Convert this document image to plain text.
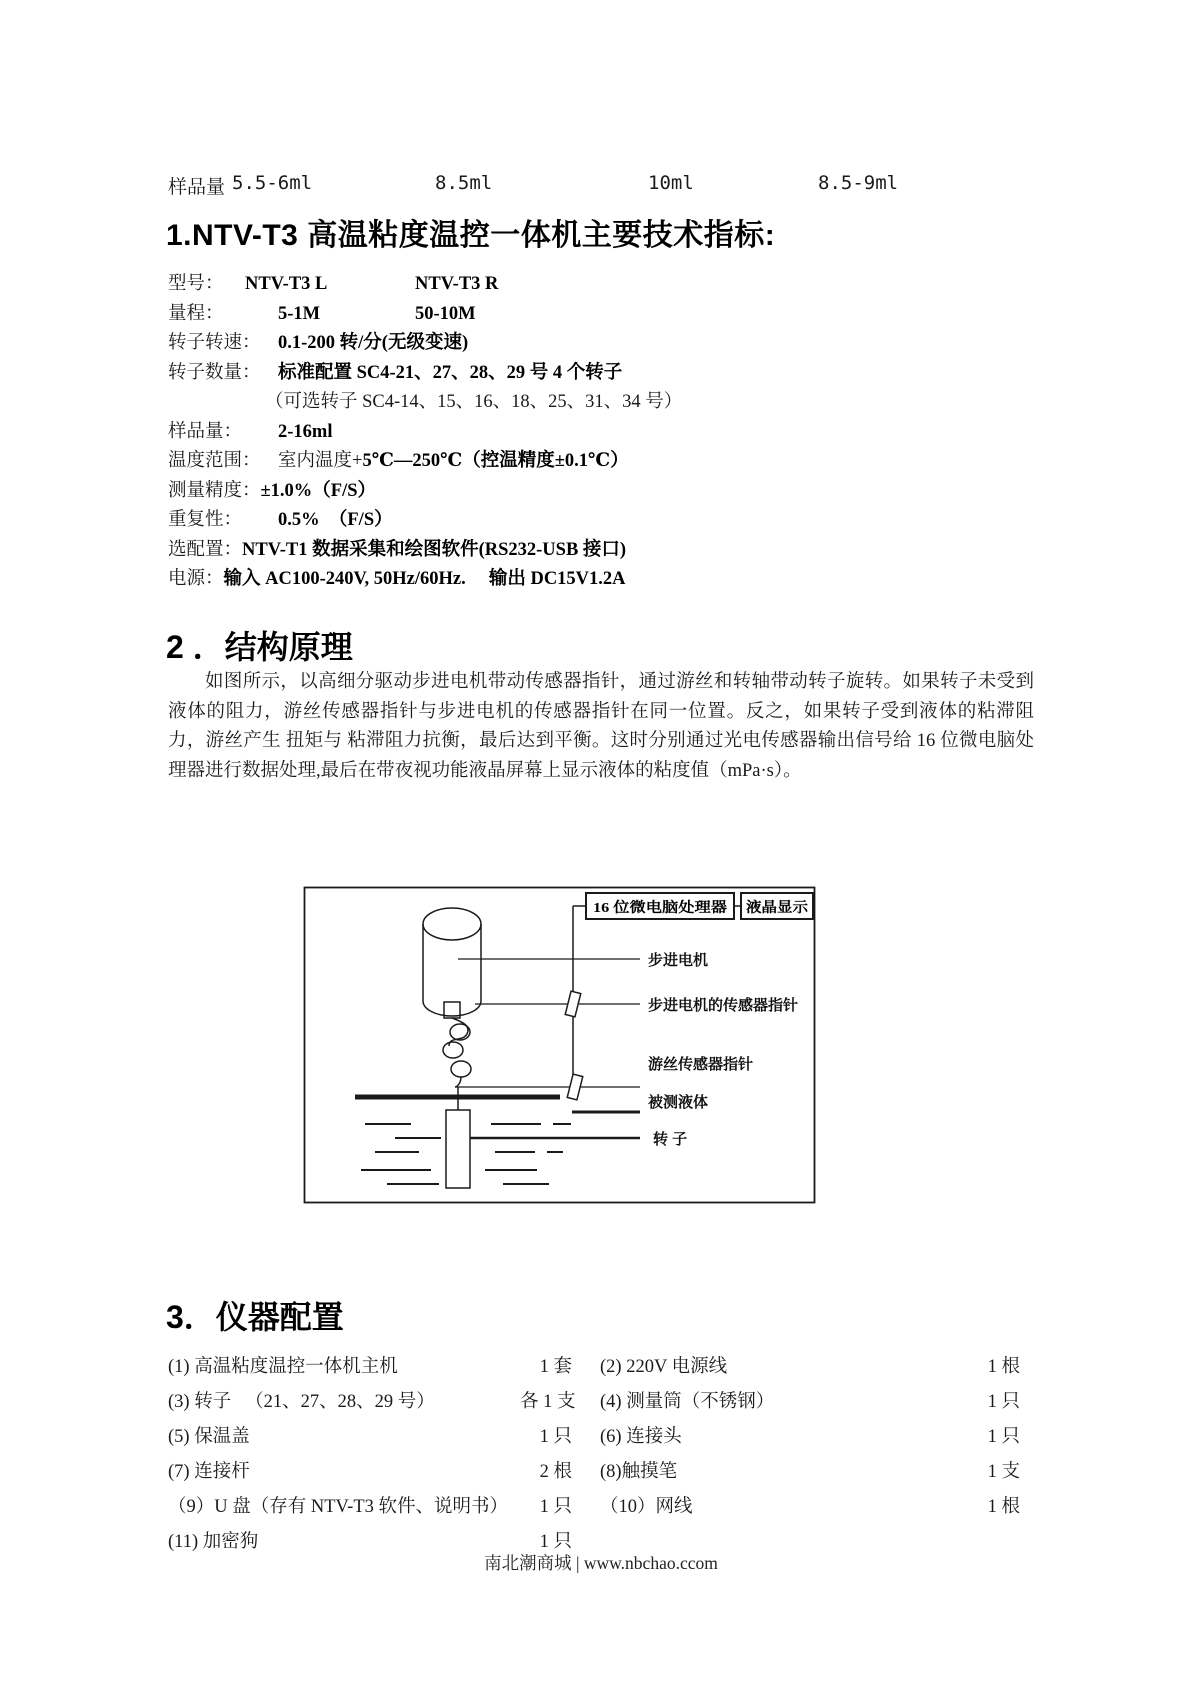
样品量 5.5-6ml	8.5ml	10ml	8.5-9ml
1.NTV-T3 高温粘度温控一体机主要技术指标:
型号： NTV-T3 L	NTV-T3 R
量程：	5-1M	50-10M
转子转速： 0.1-200 转/分(无级变速)
转子数量： 标准配置 SC4-21、27、28、29 号 4 个转子
（可选转子 SC4-14、15、16、18、25、31、34 号）
样品量： 2-16ml
温度范围： 室内温度+5℃—250℃（控温精度±0.1℃）
测量精度：±1.0%（F/S）
重复性： 0.5%　（F/S）
选配置：NTV-T1 数据采集和绘图软件(RS232-USB 接口)
电源：输入 AC100-240V, 50Hz/60Hz.　 输出 DC15V1.2A
2 ．结构原理
如图所示，以高细分驱动步进电机带动传感器指针，通过游丝和转轴带动转子旋转。如果转子未受到液体的阻力，游丝传感器指针与步进电机的传感器指针在同一位置。反之，如果转子受到液体的粘滞阻力，游丝产生 扭矩与 粘滞阻力抗衡，最后达到平衡。这时分别通过光电传感器输出信号给 16 位微电脑处理器进行数据处理,最后在带夜视功能液晶屏幕上显示液体的粘度值（mPa·s）。
16 位微电脑处理器	液晶显示
步进电机
步进电机的传感器指针
游丝传感器指针
被测液体
转 子
3．仪器配置
(1) 高温粘度温控一体机主机	1 套 (2) 220V 电源线	1 根
(3) 转子 　（21、27、28、29 号）	各 1 支 (4) 测量筒（不锈钢）	1 只
(5) 保温盖	1 只 (6) 连接头	1 只
(7) 连接杆	2 根 (8)触摸笔	1 支
（9）U 盘（存有 NTV-T3 软件、说明书）	1 只 （10）网线	1 根
(11) 加密狗	1 只
南北潮商城 | www.nbchao.ccom
